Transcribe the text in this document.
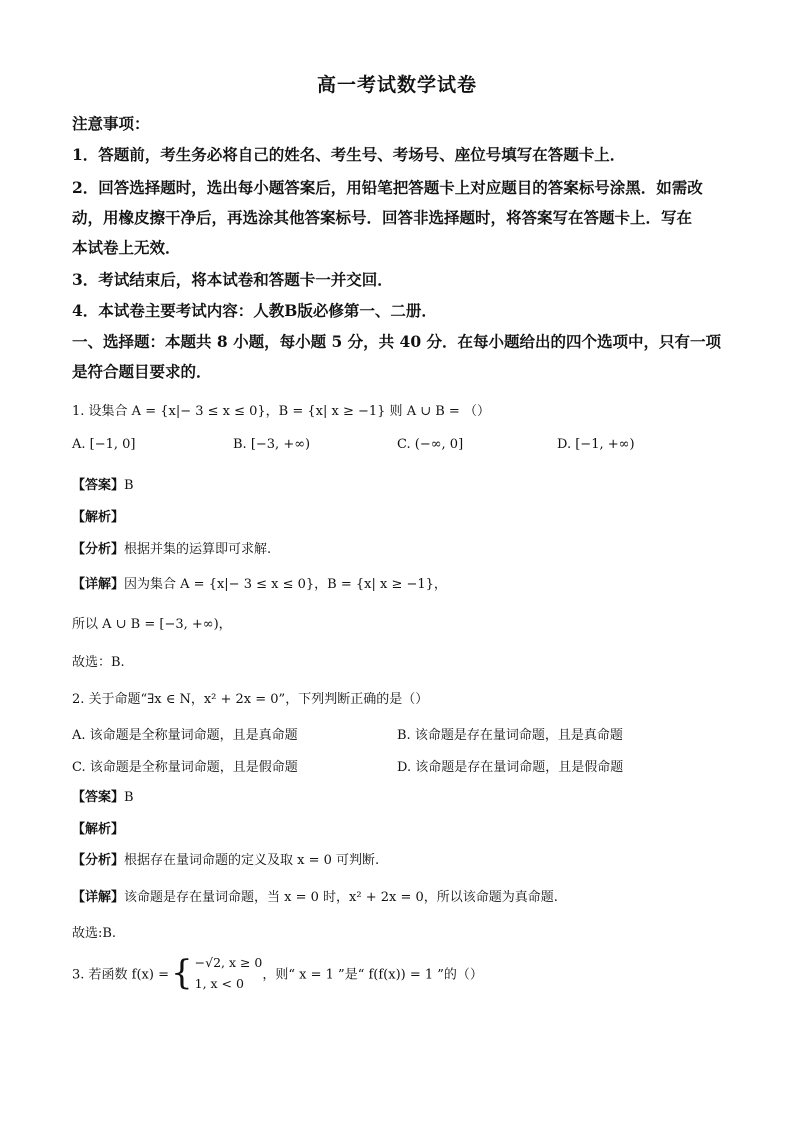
高一考试数学试卷
注意事项：
1．答题前，考生务必将自己的姓名、考生号、考场号、座位号填写在答题卡上．
2．回答选择题时，选出每小题答案后，用铅笔把答题卡上对应题目的答案标号涂黑．如需改
动，用橡皮擦干净后，再选涂其他答案标号．回答非选择题时，将答案写在答题卡上．写在
本试卷上无效．
3．考试结束后，将本试卷和答题卡一并交回．
4．本试卷主要考试内容：人教B版必修第一、二册．
一、选择题：本题共 8 小题，每小题 5 分，共 40 分．在每小题给出的四个选项中，只有一项
是符合题目要求的．
1. 设集合 A = {x|− 3 ≤ x ≤ 0}，B = {x| x ≥ −1} 则 A ∪ B = （）
A. [−1, 0]	B. [−3, +∞)	C. (−∞, 0]	D. [−1, +∞)
【答案】B
【解析】
【分析】根据并集的运算即可求解.
【详解】因为集合 A = {x|− 3 ≤ x ≤ 0}，B = {x| x ≥ −1}，
所以 A ∪ B = [−3, +∞)，
故选：B.
2. 关于命题“∃x ∈ N，x² + 2x = 0”，下列判断正确的是（）
A. 该命题是全称量词命题，且是真命题	B. 该命题是存在量词命题，且是真命题
C. 该命题是全称量词命题，且是假命题	D. 该命题是存在量词命题，且是假命题
【答案】B
【解析】
【分析】根据存在量词命题的定义及取 x = 0 可判断.
【详解】该命题是存在量词命题，当 x = 0 时，x² + 2x = 0，所以该命题为真命题.
故选:B.
3. 若函数 f(x) ={ −√2, x ≥ 0
1, x < 0
，则“ x = 1 ”是“ f(f(x)) = 1 ”的（）
